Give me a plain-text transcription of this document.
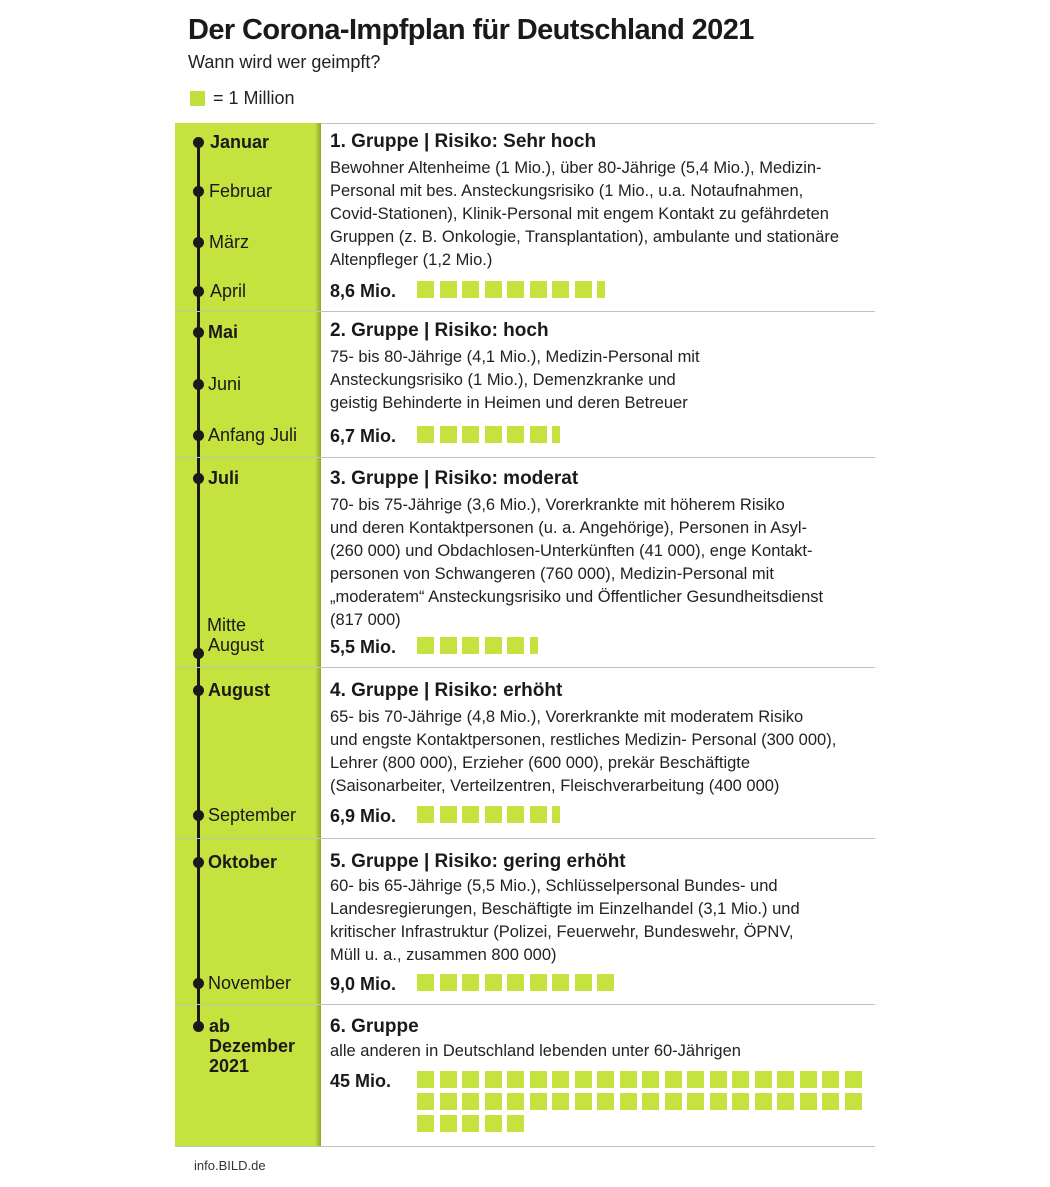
Der Corona-Impfplan für Deutschland 2021
Wann wird wer geimpft?
= 1 Million
Januar
Februar
März
April
Mai
Juni
Anfang Juli
Juli
Mitte
August
August
September
Oktober
November
ab
Dezember
2021
1. Gruppe | Risiko: Sehr hoch
Bewohner Altenheime (1 Mio.), über 80-Jährige (5,4 Mio.), Medizin-
Personal mit bes. Ansteckungsrisiko (1 Mio., u.a. Notaufnahmen,
Covid-Stationen), Klinik-Personal mit engem Kontakt zu gefährdeten
Gruppen (z. B. Onkologie, Transplantation), ambulante und stationäre
Altenpfleger (1,2 Mio.)
8,6 Mio.
2. Gruppe | Risiko: hoch
75- bis 80-Jährige (4,1 Mio.), Medizin-Personal mit
Ansteckungsrisiko (1 Mio.), Demenzkranke und
geistig Behinderte in Heimen und deren Betreuer
6,7 Mio.
3. Gruppe | Risiko: moderat
70- bis 75-Jährige (3,6 Mio.), Vorerkrankte mit höherem Risiko
und deren Kontaktpersonen (u. a. Angehörige), Personen in Asyl-
(260 000) und Obdachlosen-Unterkünften (41 000), enge Kontakt-
personen von Schwangeren (760 000), Medizin-Personal mit
„moderatem“ Ansteckungsrisiko und Öffentlicher Gesundheitsdienst
(817 000)
5,5 Mio.
4. Gruppe | Risiko: erhöht
65- bis 70-Jährige (4,8 Mio.), Vorerkrankte mit moderatem Risiko
und engste Kontaktpersonen, restliches Medizin- Personal (300 000),
Lehrer (800 000), Erzieher (600 000), prekär Beschäftigte
(Saisonarbeiter, Verteilzentren, Fleischverarbeitung (400 000)
6,9 Mio.
5. Gruppe | Risiko: gering erhöht
60- bis 65-Jährige (5,5 Mio.), Schlüsselpersonal Bundes- und
Landesregierungen, Beschäftigte im Einzelhandel (3,1 Mio.) und
kritischer Infrastruktur (Polizei, Feuerwehr, Bundeswehr, ÖPNV,
Müll u. a., zusammen 800 000)
9,0 Mio.
6. Gruppe
alle anderen in Deutschland lebenden unter 60-Jährigen
45 Mio.
info.BILD.de
